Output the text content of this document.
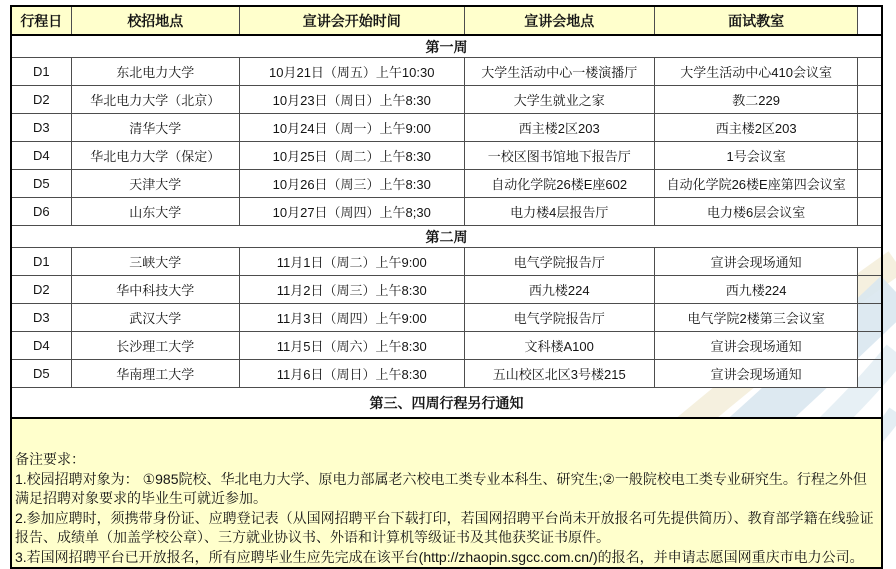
行程日	校招地点	宣讲会开始时间	宣讲会地点	面试教室	
第一周					
D1	东北电力大学	10月21日（周五）上午10:30	大学生活动中心一楼演播厅	大学生活动中心410会议室	
D2	华北电力大学（北京）	10月23日（周日）上午8:30	大学生就业之家	教二229	
D3	清华大学	10月24日（周一）上午9:00	西主楼2区203	西主楼2区203	
D4	华北电力大学（保定）	10月25日（周二）上午8:30	一校区图书馆地下报告厅	1号会议室	
D5	天津大学	10月26日（周三）上午8:30	自动化学院26楼E座602	自动化学院26楼E座第四会议室	
D6	山东大学	10月27日（周四）上午8;30	电力楼4层报告厅	电力楼6层会议室	
第二周					
D1	三峡大学	11月1日（周二）上午9:00	电气学院报告厅	宣讲会现场通知	
D2	华中科技大学	11月2日（周三）上午8:30	西九楼224	西九楼224	
D3	武汉大学	11月3日（周四）上午9:00	电气学院报告厅	电气学院2楼第三会议室	
D4	长沙理工大学	11月5日（周六）上午8:30	文科楼A100	宣讲会现场通知	
D5	华南理工大学	11月6日（周日）上午8:30	五山校区北区3号楼215	宣讲会现场通知	
第三、四周行程另行通知					

备注要求：

1.校园招聘对象为： ①985院校、华北电力大学、原电力部属老六校电工类专业本科生、研究生;②一般院校电工类专业研究生。行程之外但满足招聘对象要求的毕业生可就近参加。

2.参加应聘时，须携带身份证、应聘登记表（从国网招聘平台下载打印，若国网招聘平台尚未开放报名可先提供简历）、教育部学籍在线验证报告、成绩单（加盖学校公章）、三方就业协议书、外语和计算机等级证书及其他获奖证书原件。

3.若国网招聘平台已开放报名，所有应聘毕业生应先完成在该平台(http://zhaopin.sgcc.com.cn/)的报名，并申请志愿国网重庆市电力公司。
